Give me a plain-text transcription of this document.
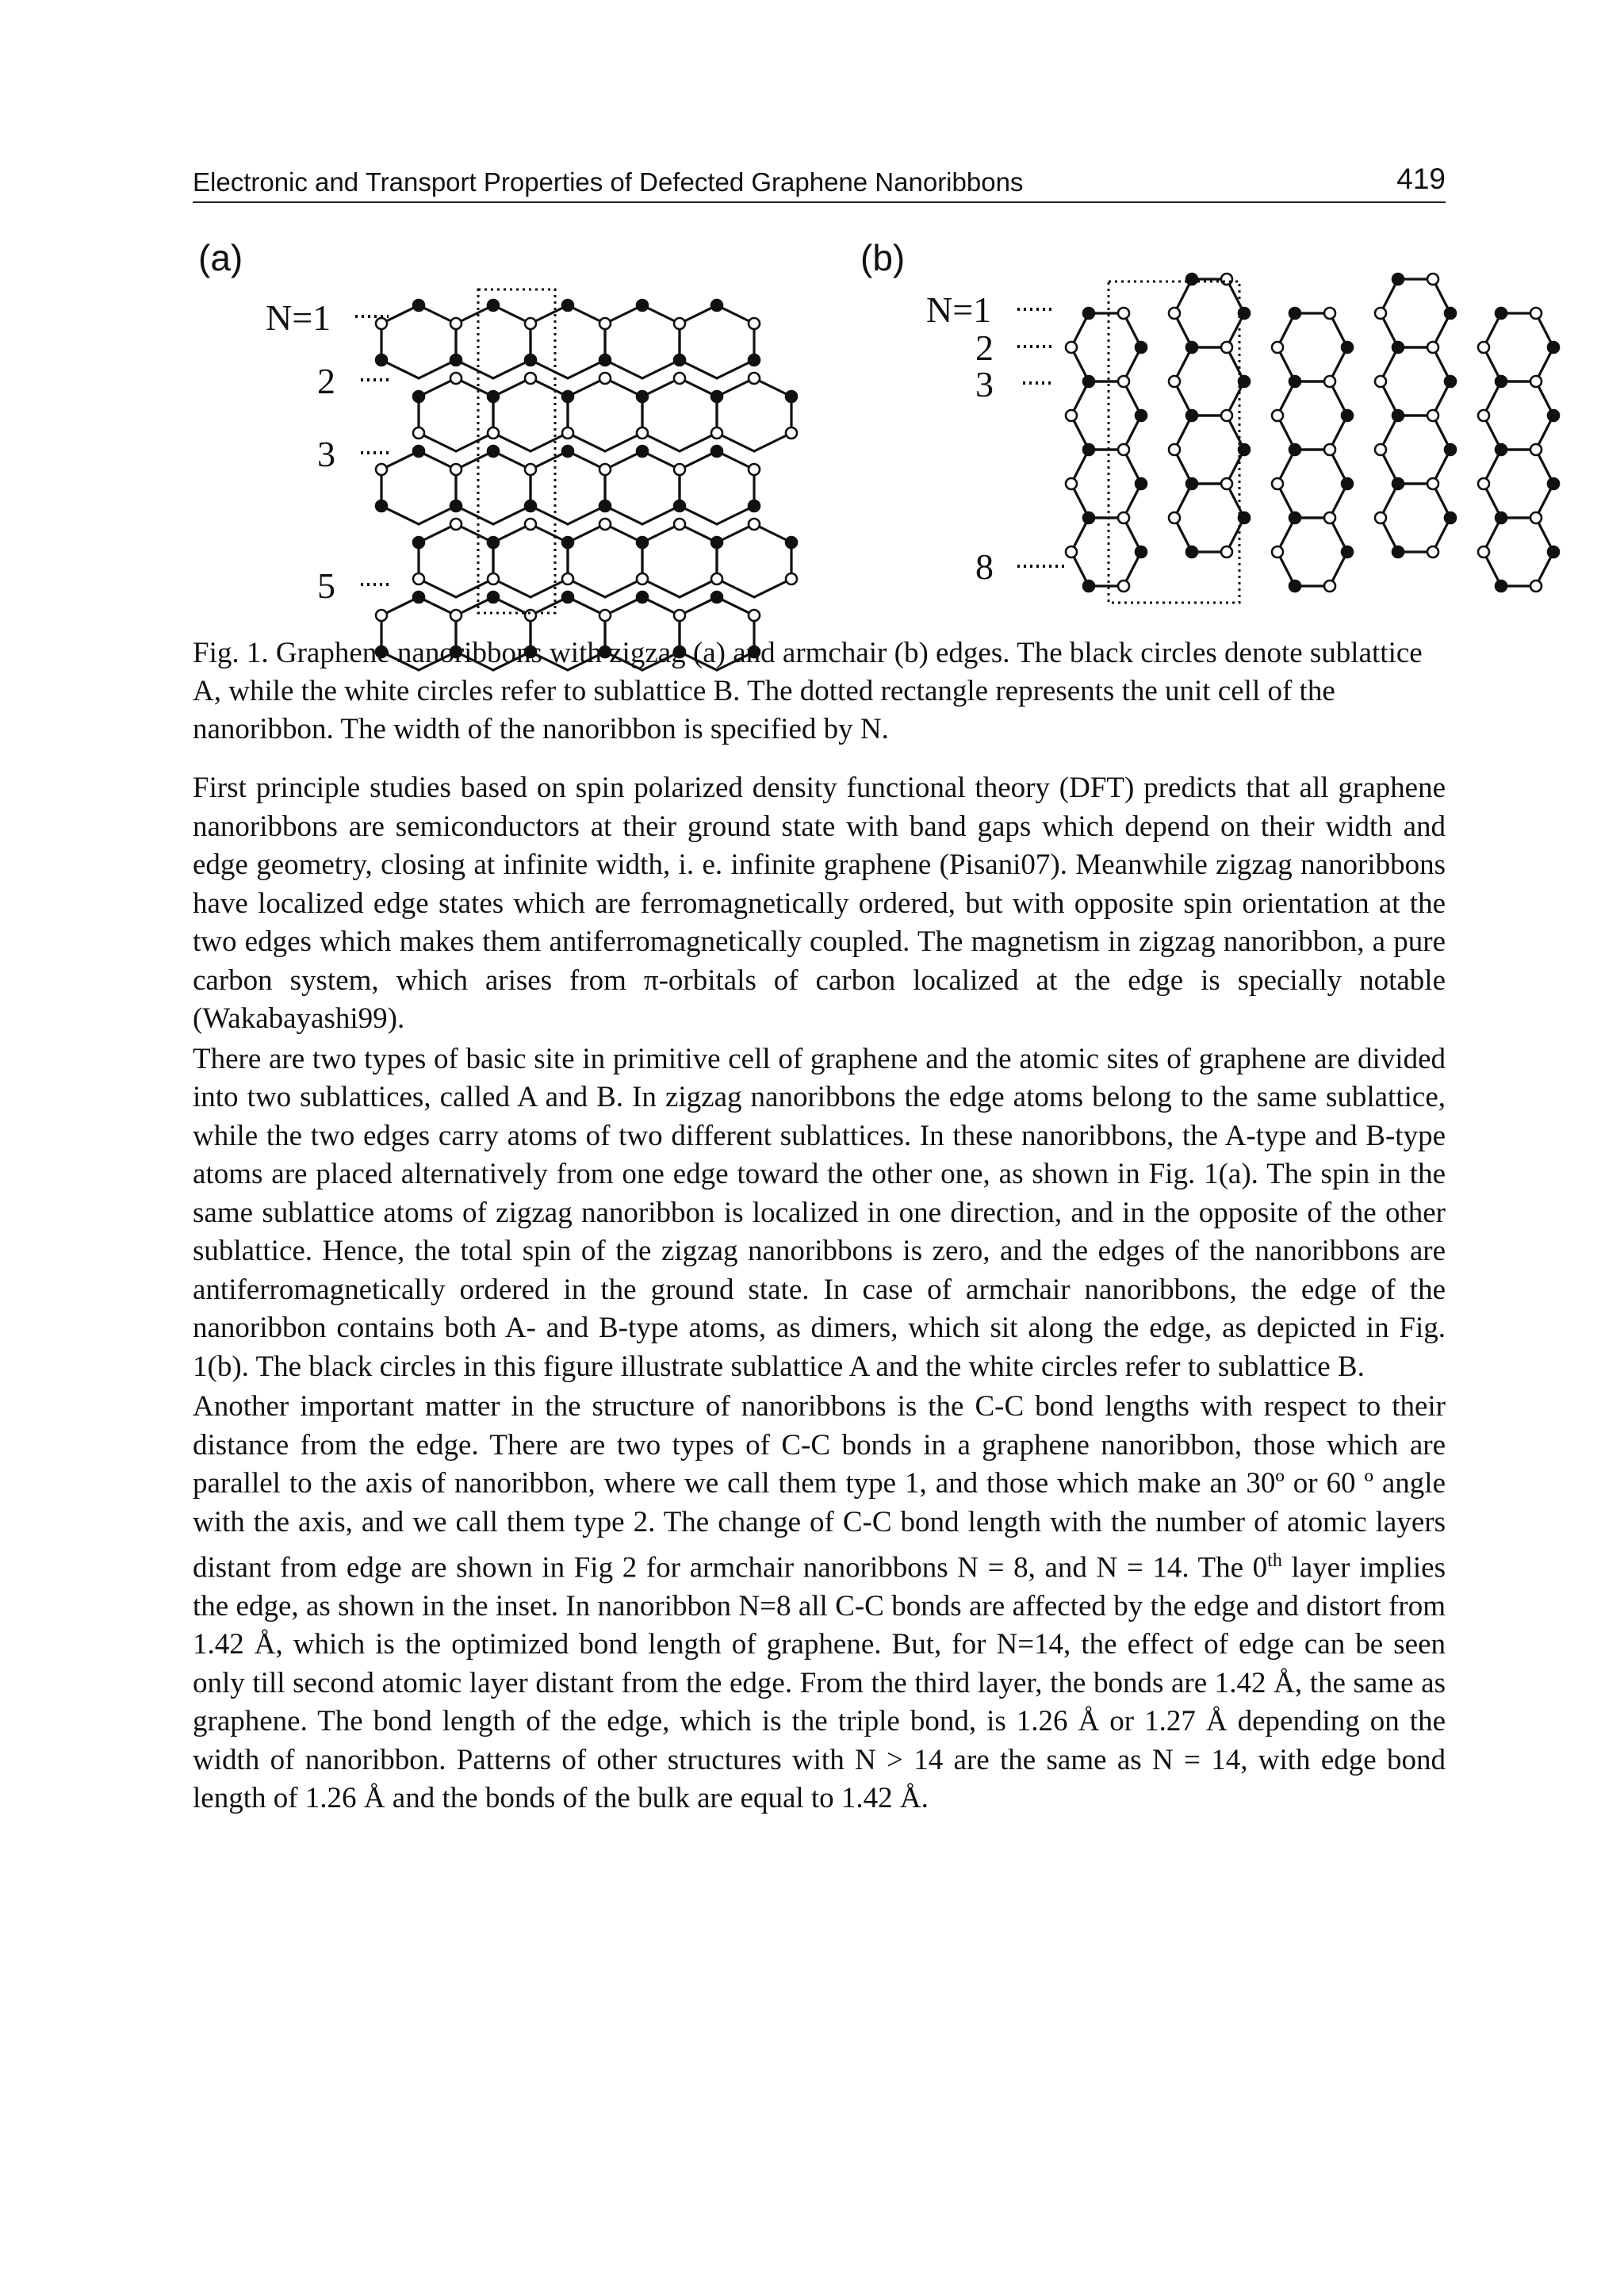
Electronic and Transport Properties of Defected Graphene Nanoribbons	419
(a)
N=1
2
3
5
(b)
N=1
2
3
8
Fig. 1. Graphene nanoribbons with zigzag (a) and armchair (b) edges. The black circles denote sublattice A, while the white circles refer to sublattice B. The dotted rectangle represents the unit cell of the nanoribbon. The width of the nanoribbon is specified by N.

First principle studies based on spin polarized density functional theory (DFT) predicts that all graphene nanoribbons are semiconductors at their ground state with band gaps which depend on their width and edge geometry, closing at infinite width, i. e. infinite graphene (Pisani07). Meanwhile zigzag nanoribbons have localized edge states which are ferromagnetically ordered, but with opposite spin orientation at the two edges which makes them antiferromagnetically coupled. The magnetism in zigzag nanoribbon, a pure carbon system, which arises from π-orbitals of carbon localized at the edge is specially notable (Wakabayashi99).

There are two types of basic site in primitive cell of graphene and the atomic sites of graphene are divided into two sublattices, called A and B. In zigzag nanoribbons the edge atoms belong to the same sublattice, while the two edges carry atoms of two different sublattices. In these nanoribbons, the A-type and B-type atoms are placed alternatively from one edge toward the other one, as shown in Fig. 1(a). The spin in the same sublattice atoms of zigzag nanoribbon is localized in one direction, and in the opposite of the other sublattice. Hence, the total spin of the zigzag nanoribbons is zero, and the edges of the nanoribbons are antiferromagnetically ordered in the ground state. In case of armchair nanoribbons, the edge of the nanoribbon contains both A- and B-type atoms, as dimers, which sit along the edge, as depicted in Fig. 1(b). The black circles in this figure illustrate sublattice A and the white circles refer to sublattice B.

Another important matter in the structure of nanoribbons is the C-C bond lengths with respect to their distance from the edge. There are two types of C-C bonds in a graphene nanoribbon, those which are parallel to the axis of nanoribbon, where we call them type 1, and those which make an 30º or 60 º angle with the axis, and we call them type 2. The change of C-C bond length with the number of atomic layers distant from edge are shown in Fig 2 for armchair nanoribbons N = 8, and N = 14. The 0th layer implies the edge, as shown in the inset. In nanoribbon N=8 all C-C bonds are affected by the edge and distort from 1.42 Å, which is the optimized bond length of graphene. But, for N=14, the effect of edge can be seen only till second atomic layer distant from the edge. From the third layer, the bonds are 1.42 Å, the same as graphene. The bond length of the edge, which is the triple bond, is 1.26 Å or 1.27 Å depending on the width of nanoribbon. Patterns of other structures with N > 14 are the same as N = 14, with edge bond length of 1.26 Å and the bonds of the bulk are equal to 1.42 Å.
